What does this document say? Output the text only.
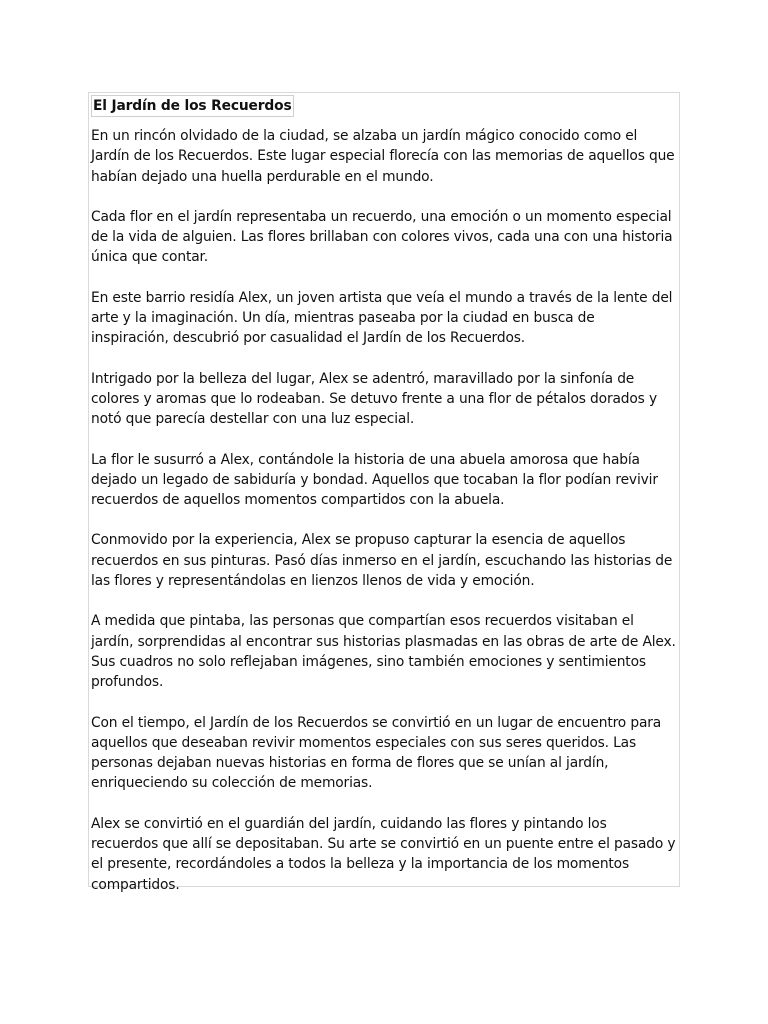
El Jardín de los Recuerdos

En un rincón olvidado de la ciudad, se alzaba un jardín mágico conocido como el Jardín de los Recuerdos. Este lugar especial florecía con las memorias de aquellos que habían dejado una huella perdurable en el mundo.

Cada flor en el jardín representaba un recuerdo, una emoción o un momento especial de la vida de alguien. Las flores brillaban con colores vivos, cada una con una historia única que contar.

En este barrio residía Alex, un joven artista que veía el mundo a través de la lente del arte y la imaginación. Un día, mientras paseaba por la ciudad en busca de inspiración, descubrió por casualidad el Jardín de los Recuerdos.

Intrigado por la belleza del lugar, Alex se adentró, maravillado por la sinfonía de colores y aromas que lo rodeaban. Se detuvo frente a una flor de pétalos dorados y notó que parecía destellar con una luz especial.

La flor le susurró a Alex, contándole la historia de una abuela amorosa que había dejado un legado de sabiduría y bondad. Aquellos que tocaban la flor podían revivir recuerdos de aquellos momentos compartidos con la abuela.

Conmovido por la experiencia, Alex se propuso capturar la esencia de aquellos recuerdos en sus pinturas. Pasó días inmerso en el jardín, escuchando las historias de las flores y representándolas en lienzos llenos de vida y emoción.

A medida que pintaba, las personas que compartían esos recuerdos visitaban el jardín, sorprendidas al encontrar sus historias plasmadas en las obras de arte de Alex. Sus cuadros no solo reflejaban imágenes, sino también emociones y sentimientos profundos.

Con el tiempo, el Jardín de los Recuerdos se convirtió en un lugar de encuentro para aquellos que deseaban revivir momentos especiales con sus seres queridos. Las personas dejaban nuevas historias en forma de flores que se unían al jardín, enriqueciendo su colección de memorias.

Alex se convirtió en el guardián del jardín, cuidando las flores y pintando los recuerdos que allí se depositaban. Su arte se convirtió en un puente entre el pasado y el presente, recordándoles a todos la belleza y la importancia de los momentos compartidos.
